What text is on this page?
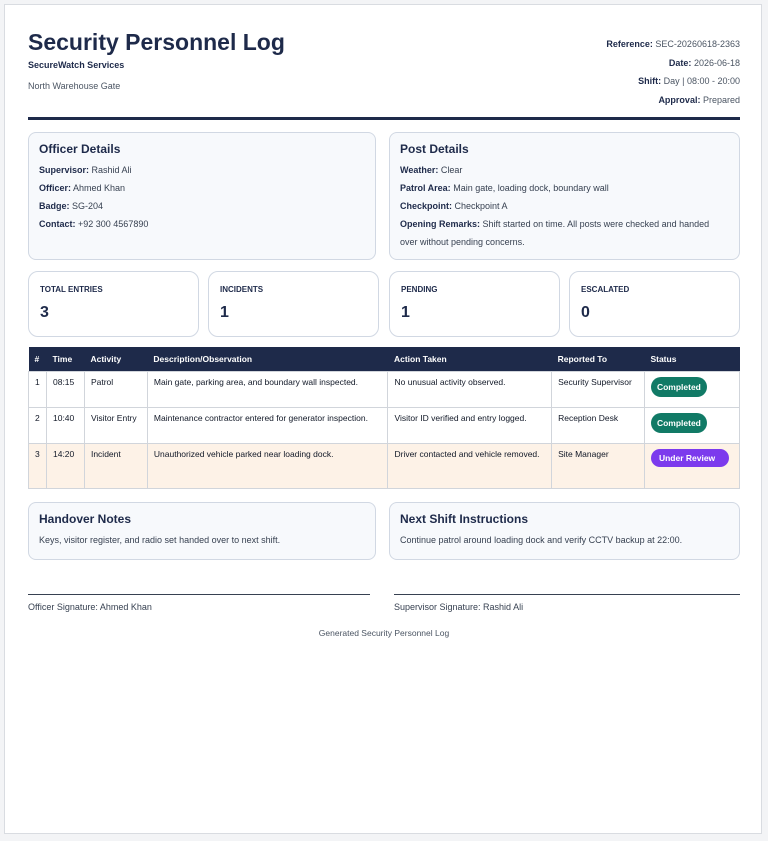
Security Personnel Log
SecureWatch Services
North Warehouse Gate
Reference: SEC-20260618-2363
Date: 2026-06-18
Shift: Day | 08:00 - 20:00
Approval: Prepared
Officer Details
Supervisor: Rashid Ali
Officer: Ahmed Khan
Badge: SG-204
Contact: +92 300 4567890
Post Details
Weather: Clear
Patrol Area: Main gate, loading dock, boundary wall
Checkpoint: Checkpoint A
Opening Remarks: Shift started on time. All posts were checked and handed over without pending concerns.
TOTAL ENTRIES
3
INCIDENTS
1
PENDING
1
ESCALATED
0
#	Time	Activity	Description/Observation	Action Taken	Reported To	Status
1	08:15	Patrol	Main gate, parking area, and boundary wall inspected.	No unusual activity observed.	Security Supervisor	Completed
2	10:40	Visitor Entry	Maintenance contractor entered for generator inspection.	Visitor ID verified and entry logged.	Reception Desk	Completed
3	14:20	Incident	Unauthorized vehicle parked near loading dock.	Driver contacted and vehicle removed.	Site Manager	Under Review
Handover Notes
Keys, visitor register, and radio set handed over to next shift.
Next Shift Instructions
Continue patrol around loading dock and verify CCTV backup at 22:00.
Officer Signature: Ahmed Khan	Supervisor Signature: Rashid Ali
Generated Security Personnel Log
